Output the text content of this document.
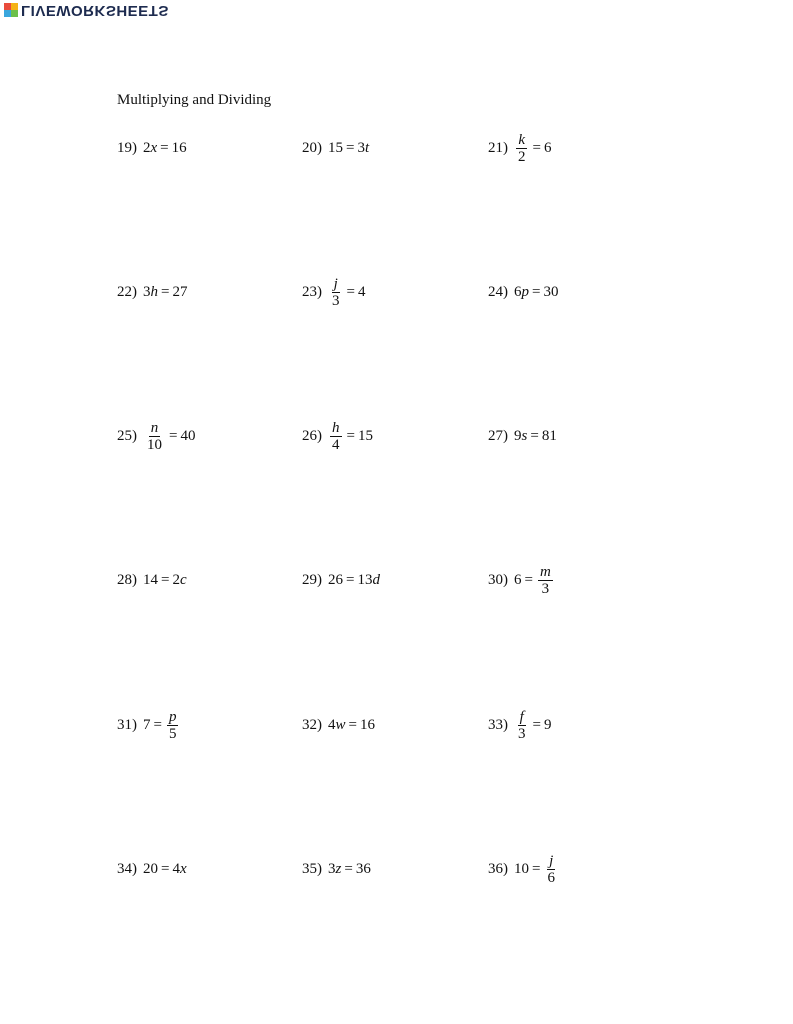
LIVEWORKSHEETS
Multiplying and Dividing
19) 2 x = 16	20) 15 = 3 t	$21) \frac{k}{2} = 6$
22) 3 h = 27	$23) \frac{j}{3} = 4$	24) 6 p = 30
$25) \frac{n}{10} = 40$	$26) \frac{h}{4} = 15$	27) 9 s = 81
28) 14 = 2 c	29) 26 = 13 d	30) $6 = \frac{m}{3}$
31) $7 = \frac{p}{5}$	32) 4 w = 16	$33) \frac{f}{3} = 9$
34) 20 = 4 x	35) 3 z = 36	36) $10 = \frac{j}{6}$
